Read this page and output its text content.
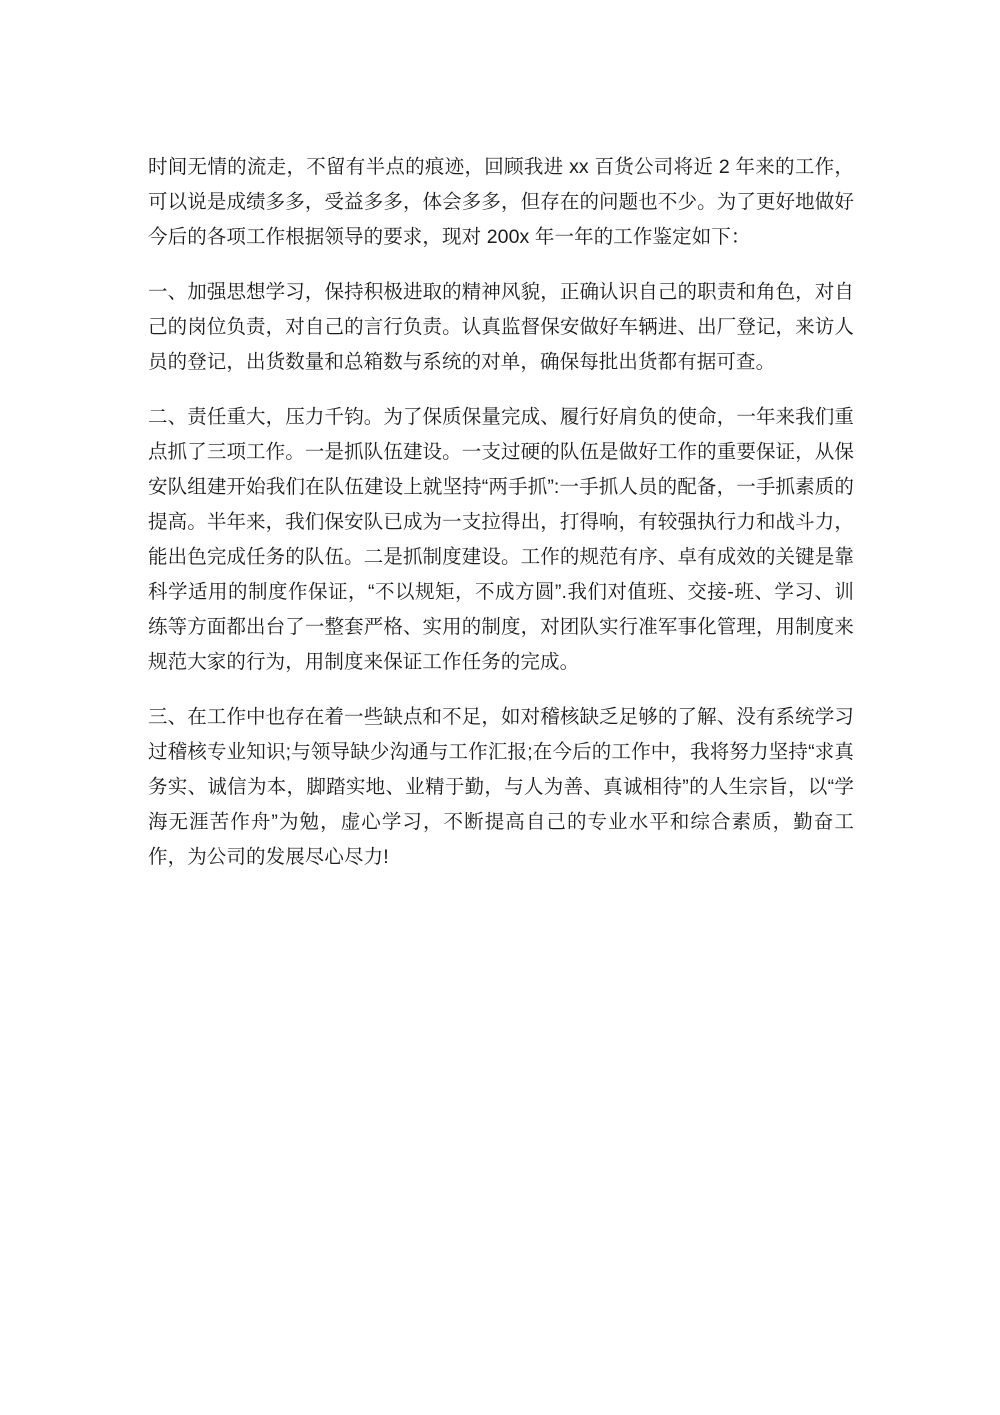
时间无情的流走，不留有半点的痕迹，回顾我进 xx 百货公司将近 2 年来的工作，可以说是成绩多多，受益多多，体会多多，但存在的问题也不少。为了更好地做好今后的各项工作根据领导的要求，现对 200x 年一年的工作鉴定如下：

一、加强思想学习，保持积极进取的精神风貌，正确认识自己的职责和角色，对自己的岗位负责，对自己的言行负责。认真监督保安做好车辆进、出厂登记，来访人员的登记，出货数量和总箱数与系统的对单，确保每批出货都有据可查。

二、责任重大，压力千钧。为了保质保量完成、履行好肩负的使命，一年来我们重点抓了三项工作。一是抓队伍建设。一支过硬的队伍是做好工作的重要保证，从保安队组建开始我们在队伍建设上就坚持“两手抓”:一手抓人员的配备，一手抓素质的提高。半年来，我们保安队已成为一支拉得出，打得响，有较强执行力和战斗力，能出色完成任务的队伍。二是抓制度建设。工作的规范有序、卓有成效的关键是靠科学适用的制度作保证，“不以规矩，不成方圆”.我们对值班、交接-班、学习、训练等方面都出台了一整套严格、实用的制度，对团队实行准军事化管理，用制度来规范大家的行为，用制度来保证工作任务的完成。

三、在工作中也存在着一些缺点和不足，如对稽核缺乏足够的了解、没有系统学习过稽核专业知识;与领导缺少沟通与工作汇报;在今后的工作中，我将努力坚持“求真务实、诚信为本，脚踏实地、业精于勤，与人为善、真诚相待”的人生宗旨，以“学海无涯苦作舟”为勉，虚心学习，不断提高自己的专业水平和综合素质，勤奋工作，为公司的发展尽心尽力!
